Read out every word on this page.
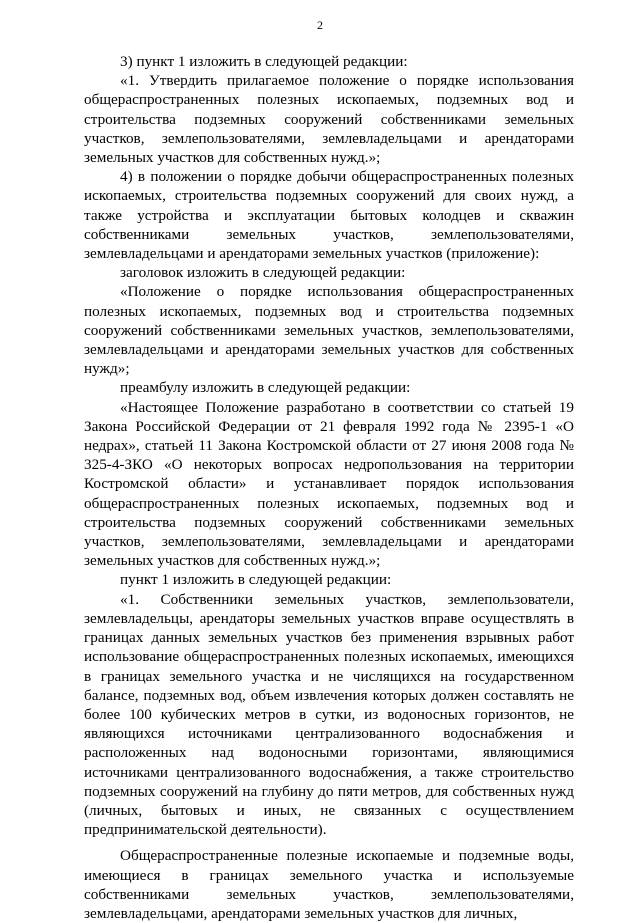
2

3) пункт 1 изложить в следующей редакции:

«1. Утвердить прилагаемое положение о порядке использования общераспространенных полезных ископаемых, подземных вод и строительства подземных сооружений собственниками земельных участков, землепользователями, землевладельцами и арендаторами земельных участков для собственных нужд.»;

4) в положении о порядке добычи общераспространенных полезных ископаемых, строительства подземных сооружений для своих нужд, а также устройства и эксплуатации бытовых колодцев и скважин собственниками земельных участков, землепользователями, землевладельцами и арендаторами земельных участков (приложение):

заголовок изложить в следующей редакции:

«Положение о порядке использования общераспространенных полезных ископаемых, подземных вод и строительства подземных сооружений собственниками земельных участков, землепользователями, землевладельцами и арендаторами земельных участков для собственных нужд»;

преамбулу изложить в следующей редакции:

«Настоящее Положение разработано в соответствии со статьей 19 Закона Российской Федерации от 21 февраля 1992 года № 2395-1 «О недрах», статьей 11 Закона Костромской области от 27 июня 2008 года № 325-4-ЗКО «О некоторых вопросах недропользования на территории Костромской области» и устанавливает порядок использования общераспространенных полезных ископаемых, подземных вод и строительства подземных сооружений собственниками земельных участков, землепользователями, землевладельцами и арендаторами земельных участков для собственных нужд.»;

пункт 1 изложить в следующей редакции:

«1. Собственники земельных участков, землепользователи, землевладельцы, арендаторы земельных участков вправе осуществлять в границах данных земельных участков без применения взрывных работ использование общераспространенных полезных ископаемых, имеющихся в границах земельного участка и не числящихся на государственном балансе, подземных вод, объем извлечения которых должен составлять не более 100 кубических метров в сутки, из водоносных горизонтов, не являющихся источниками централизованного водоснабжения и расположенных над водоносными горизонтами, являющимися источниками централизованного водоснабжения, а также строительство подземных сооружений на глубину до пяти метров, для собственных нужд (личных, бытовых и иных, не связанных с осуществлением предпринимательской деятельности).

Общераспространенные полезные ископаемые и подземные воды, имеющиеся в границах земельного участка и используемые собственниками земельных участков, землепользователями, землевладельцами, арендаторами земельных участков для личных,
